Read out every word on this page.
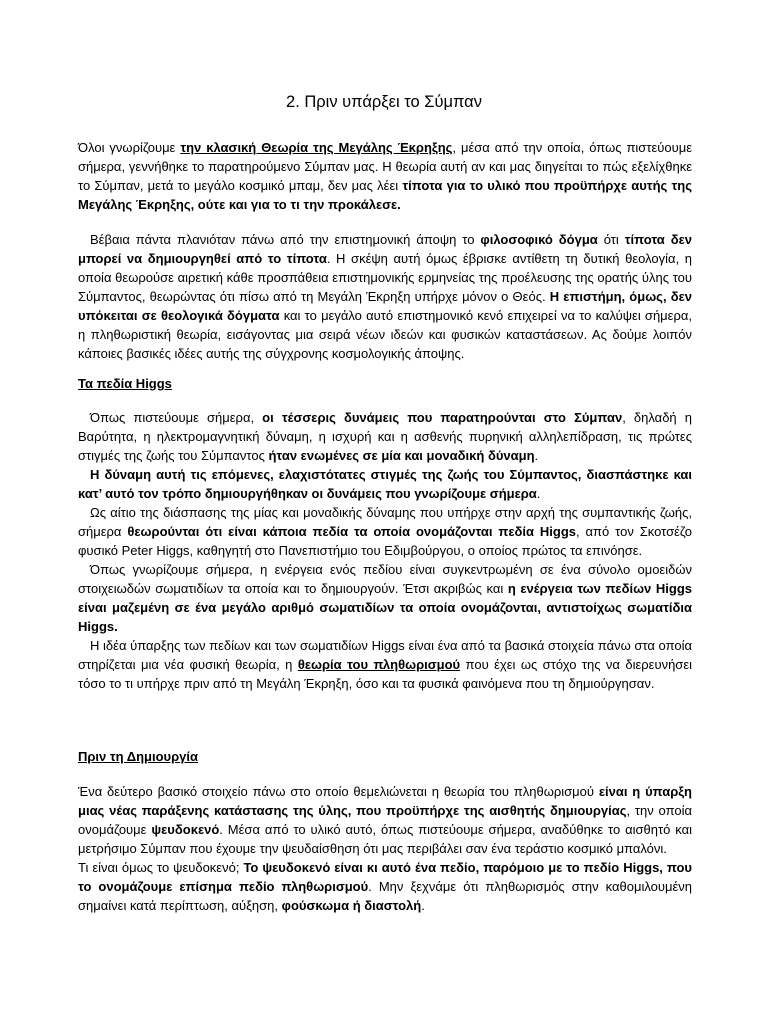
2. Πριν υπάρξει το Σύμπαν

Όλοι γνωρίζουμε την κλασική Θεωρία της Μεγάλης Έκρηξης, μέσα από την οποία, όπως πιστεύουμε σήμερα, γεννήθηκε το παρατηρούμενο Σύμπαν μας. Η θεωρία αυτή αν και μας διηγείται το πώς εξελίχθηκε το Σύμπαν, μετά το μεγάλο κοσμικό μπαμ, δεν μας λέει τίποτα για το υλικό που προϋπήρχε αυτής της Μεγάλης Έκρηξης, ούτε και για το τι την προκάλεσε.

Βέβαια πάντα πλανιόταν πάνω από την επιστημονική άποψη το φιλοσοφικό δόγμα ότι τίποτα δεν μπορεί να δημιουργηθεί από το τίποτα. Η σκέψη αυτή όμως έβρισκε αντίθετη τη δυτική θεολογία, η οποία θεωρούσε αιρετική κάθε προσπάθεια επιστημονικής ερμηνείας της προέλευσης της ορατής ύλης του Σύμπαντος, θεωρώντας ότι πίσω από τη Μεγάλη Έκρηξη υπήρχε μόνον ο Θεός. Η επιστήμη, όμως, δεν υπόκειται σε θεολογικά δόγματα και το μεγάλο αυτό επιστημονικό κενό επιχειρεί να το καλύψει σήμερα, η πληθωριστική θεωρία, εισάγοντας μια σειρά νέων ιδεών και φυσικών καταστάσεων. Ας δούμε λοιπόν κάποιες βασικές ιδέες αυτής της σύγχρονης κοσμολογικής άποψης.

Τα πεδία Higgs

Όπως πιστεύουμε σήμερα, οι τέσσερις δυνάμεις που παρατηρούνται στο Σύμπαν, δηλαδή η Βαρύτητα, η ηλεκτρομαγνητική δύναμη, η ισχυρή και η ασθενής πυρηνική αλληλεπίδραση, τις πρώτες στιγμές της ζωής του Σύμπαντος ήταν ενωμένες σε μία και μοναδική δύναμη.

Η δύναμη αυτή τις επόμενες, ελαχιστότατες στιγμές της ζωής του Σύμπαντος, διασπάστηκε και κατ’ αυτό τον τρόπο δημιουργήθηκαν οι δυνάμεις που γνωρίζουμε σήμερα.

Ως αίτιο της διάσπασης της μίας και μοναδικής δύναμης που υπήρχε στην αρχή της συμπαντικής ζωής, σήμερα θεωρούνται ότι είναι κάποια πεδία τα οποία ονομάζονται πεδία Higgs, από τον Σκοτσέζο φυσικό Peter Higgs, καθηγητή στο Πανεπιστήμιο του Εδιμβούργου, ο οποίος πρώτος τα επινόησε.

Όπως γνωρίζουμε σήμερα, η ενέργεια ενός πεδίου είναι συγκεντρωμένη σε ένα σύνολο ομοειδών στοιχειωδών σωματιδίων τα οποία και το δημιουργούν. Έτσι ακριβώς και η ενέργεια των πεδίων Higgs είναι μαζεμένη σε ένα μεγάλο αριθμό σωματιδίων τα οποία ονομάζονται, αντιστοίχως σωματίδια Higgs.

Η ιδέα ύπαρξης των πεδίων και των σωματιδίων Higgs είναι ένα από τα βασικά στοιχεία πάνω στα οποία στηρίζεται μια νέα φυσική θεωρία, η θεωρία του πληθωρισμού που έχει ως στόχο της να διερευνήσει τόσο το τι υπήρχε πριν από τη Μεγάλη Έκρηξη, όσο και τα φυσικά φαινόμενα που τη δημιούργησαν.

Πριν τη Δημιουργία

Ένα δεύτερο βασικό στοιχείο πάνω στο οποίο θεμελιώνεται η θεωρία του πληθωρισμού είναι η ύπαρξη μιας νέας παράξενης κατάστασης της ύλης, που προϋπήρχε της αισθητής δημιουργίας, την οποία ονομάζουμε ψευδοκενό. Μέσα από το υλικό αυτό, όπως πιστεύουμε σήμερα, αναδύθηκε το αισθητό και μετρήσιμο Σύμπαν που έχουμε την ψευδαίσθηση ότι μας περιβάλει σαν ένα τεράστιο κοσμικό μπαλόνι.

Τι είναι όμως το ψευδοκενό; Το ψευδοκενό είναι κι αυτό ένα πεδίο, παρόμοιο με το πεδίο Higgs, που το ονομάζουμε επίσημα πεδίο πληθωρισμού. Μην ξεχνάμε ότι πληθωρισμός στην καθομιλουμένη σημαίνει κατά περίπτωση, αύξηση, φούσκωμα ή διαστολή.
